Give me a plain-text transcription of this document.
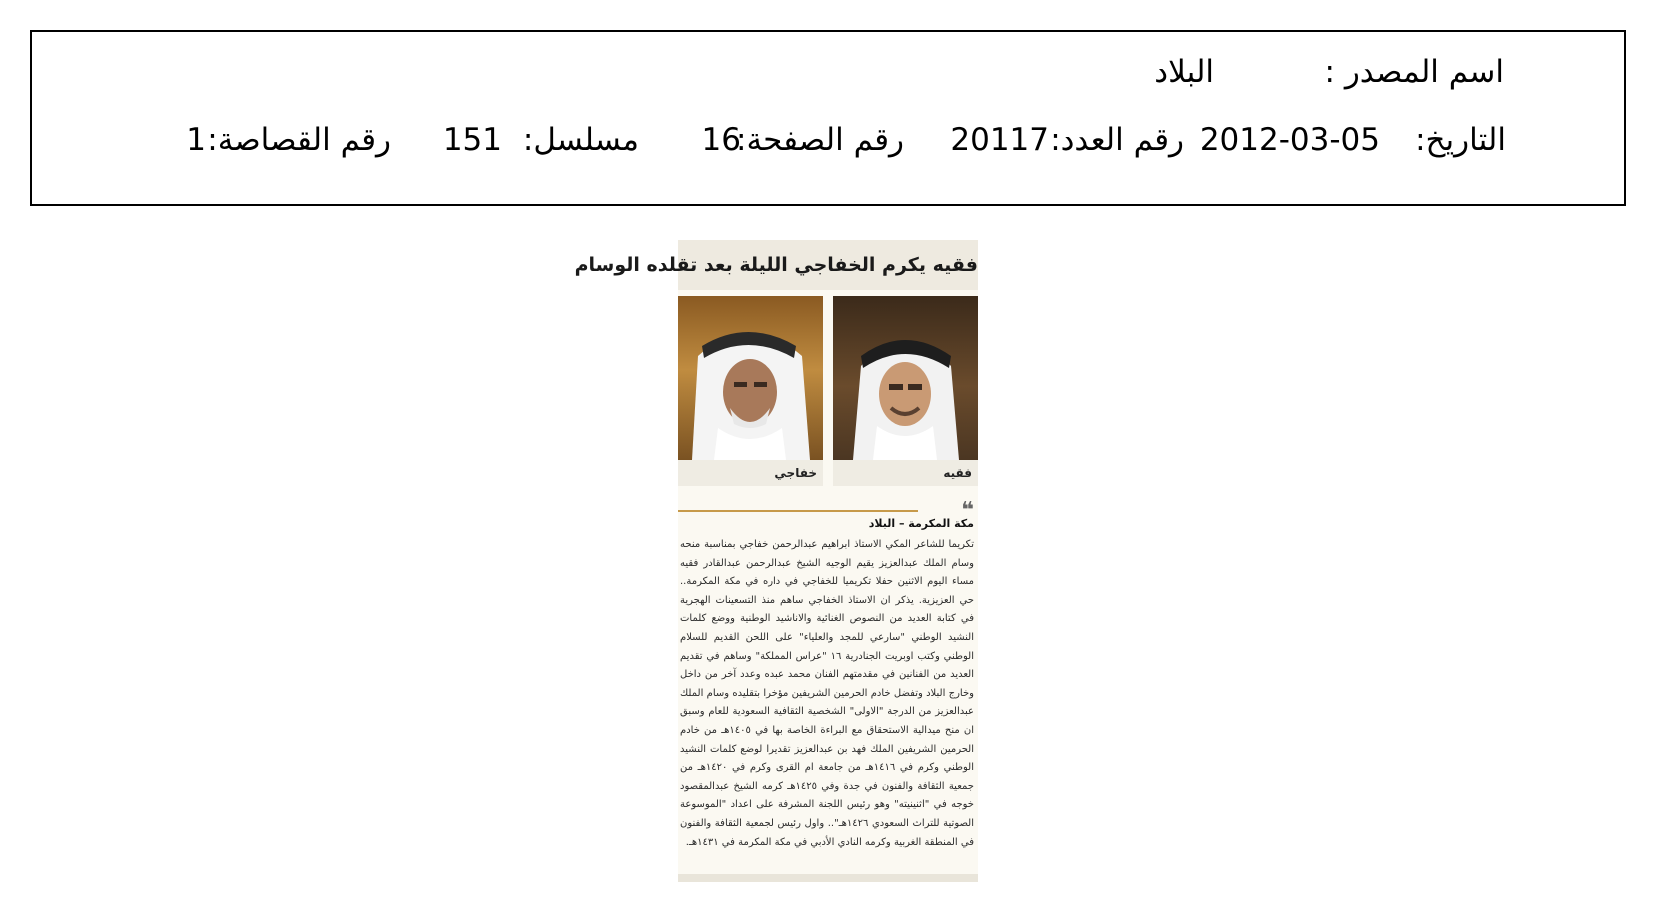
اسم المصدر :
البلاد
التاريخ:
2012-03-05
رقم العدد:
20117
رقم الصفحة:
16
مسلسل:
151
رقم القصاصة:
1
فقيه يكرم الخفاجي الليلة بعد تقلده الوسام
فقيه
خفاجي
❝
مكة المكرمة – البلاد
تكريما للشاعر المكي الاستاذ ابراهيم عبدالرحمن خفاجي بمناسبة منحه وسام الملك عبدالعزيز يقيم الوجيه الشيخ عبدالرحمن عبدالقادر فقيه مساء اليوم الاثنين حفلا تكريميا للخفاجي في داره في مكة المكرمة.. حي العزيزية. يذكر ان الاستاذ الخفاجي ساهم منذ التسعينات الهجرية في كتابة العديد من النصوص الغنائية والاناشيد الوطنية ووضع كلمات النشيد الوطني "سارعي للمجد والعلياء" على اللحن القديم للسلام الوطني وكتب اوبريت الجنادرية ١٦ "عراس المملكة" وساهم في تقديم العديد من الفنانين في مقدمتهم الفنان محمد عبده وعدد آخر من داخل وخارج البلاد وتفضل خادم الحرمين الشريفين مؤخرا بتقليده وسام الملك عبدالعزيز من الدرجة "الاولى" الشخصية الثقافية السعودية للعام وسبق ان منح ميدالية الاستحقاق مع البراءة الخاصة بها في ١٤٠٥هـ من خادم الحرمين الشريفين الملك فهد بن عبدالعزيز تقديرا لوضع كلمات النشيد الوطني وكرم في ١٤١٦هـ من جامعة ام القرى وكرم في ١٤٢٠هـ من جمعية الثقافة والفنون في جدة وفي ١٤٢٥هـ كرمه الشيخ عبدالمقصود خوجه في "اثنينيته" وهو رئيس اللجنة المشرفة على اعداد "الموسوعة الصوتية للتراث السعودي ١٤٢٦هـ".. واول رئيس لجمعية الثقافة والفنون في المنطقة الغربية وكرمه النادي الأدبي في مكة المكرمة في ١٤٣١هـ.
